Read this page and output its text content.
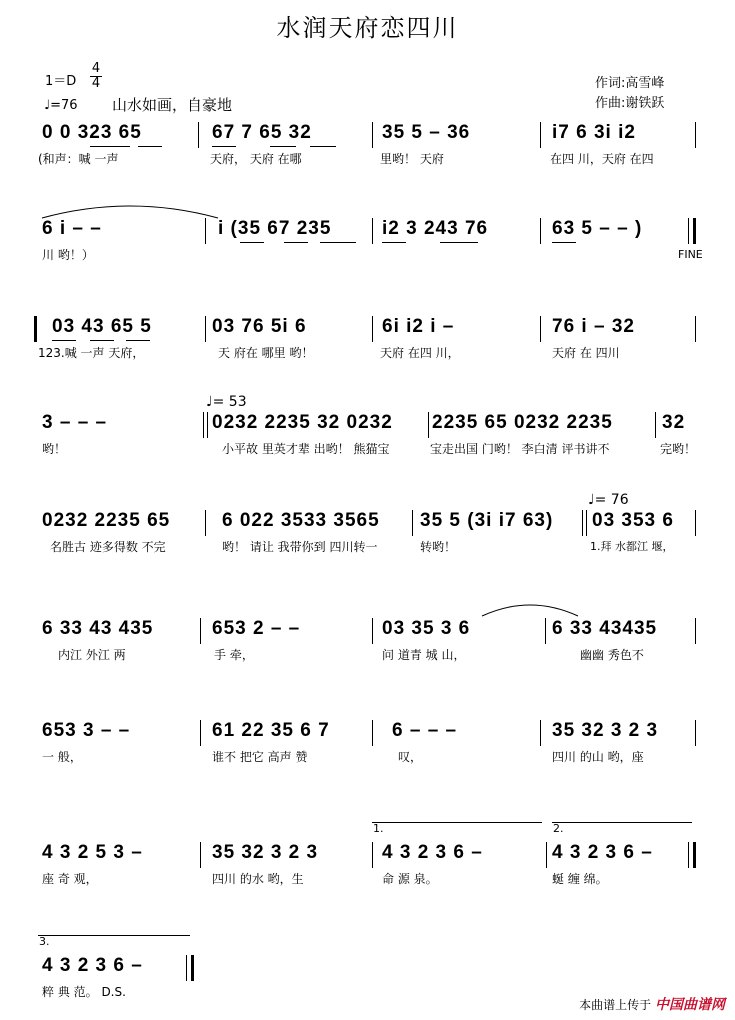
水润天府恋四川
1＝D
4
4
♩=76 山水如画，自豪地
作词:高雪峰
作曲:谢铁跃
0 0 323 65	67 7 65 32	35 5 – 36	i7 6 3i i2
(和声：喊 一声	天府， 天府 在哪	里哟！ 天府	在四 川，天府 在四
6 i – –	i (35 67 235	i2 3 243 76	63 5 – – )
FINE
川 哟！）
03 43 65 5	03 76 5i 6	6i i2 i –	76 i – 32
123.喊 一声 天府，	天 府在 哪里 哟！	天府 在四 川，	天府 在 四川
♩= 53
3 – – –	0232 2235 32 0232 2235 65 0232 2235	32
哟！	小平故 里英才辈 出哟！ 熊猫宝	宝走出国 门哟！ 李白清 评书讲不	完哟！
♩= 76
0232 2235 65	6 022 3533 3565 35 5 (3i i7 63) 03 353 6
名胜古 迹多得数 不完	哟！ 请让 我带你到 四川转一	转哟！	1.拜 水都江 堰，
6 33 43 435	653 2 – –	03 35 3 6	6 33 43435
内江 外江 两	手 牵，	问 道青 城 山，	幽幽 秀色不
653 3 – –	61 22 35 6 7	6 – – –	35 32 3 2 3
一 般，	谁不 把它 高声 赞	叹，	四川 的山 哟，座
1.	2.
4 3 2 5 3 –	35 32 3 2 3	4 3 2 3 6 –	4 3 2 3 6 –
座 奇 观，	四川 的水 哟，生	命 源 泉。	蜒 缠 绵。
3.
4 3 2 3 6 –
粹 典 范。 D.S.
本曲谱上传于 中国曲谱网
